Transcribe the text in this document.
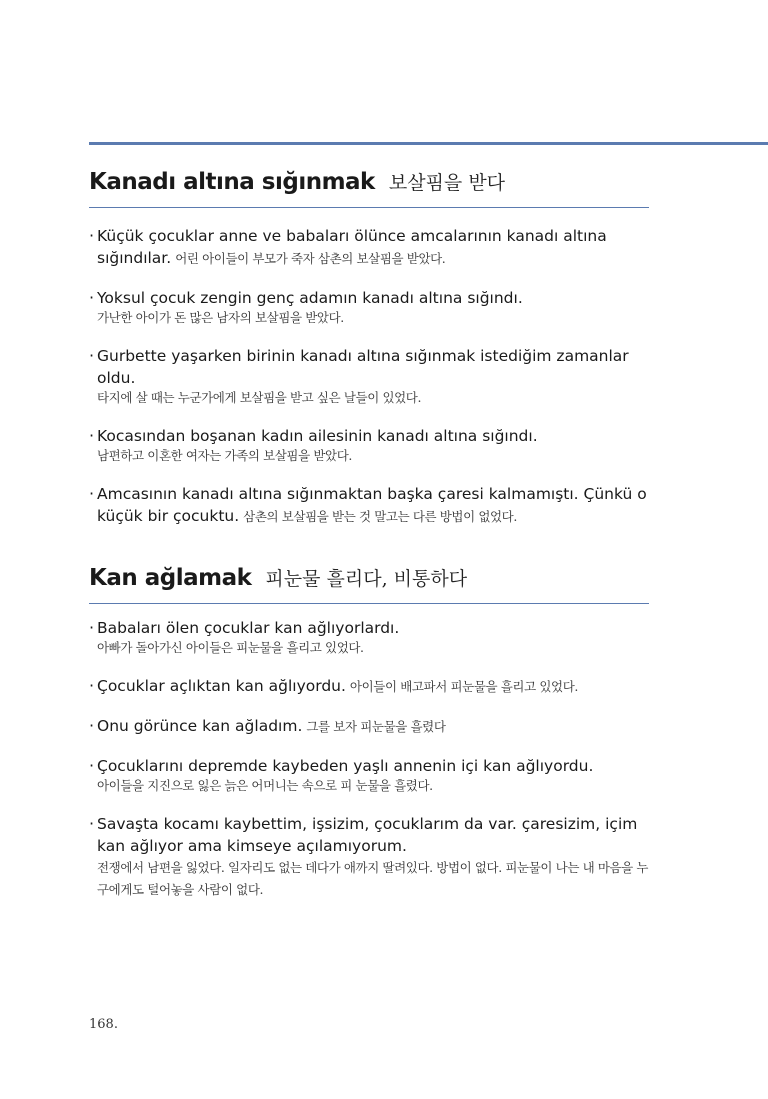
Kanadı altına sığınmak 보살핌을 받다
· Küçük çocuklar anne ve babaları ölünce amcalarının kanadı altına sığındılar. 어린 아이들이 부모가 죽자 삼촌의 보살핌을 받았다.
· Yoksul çocuk zengin genç adamın kanadı altına sığındı.
가난한 아이가 돈 많은 남자의 보살핌을 받았다.
· Gurbette yaşarken birinin kanadı altına sığınmak istediğim zamanlar oldu.
타지에 살 때는 누군가에게 보살핌을 받고 싶은 날들이 있었다.
· Kocasından boşanan kadın ailesinin kanadı altına sığındı.
남편하고 이혼한 여자는 가족의 보살핌을 받았다.
· Amcasının kanadı altına sığınmaktan başka çaresi kalmamıştı. Çünkü o küçük bir çocuktu. 삼촌의 보살핌을 받는 것 말고는 다른 방법이 없었다.
Kan ağlamak 피눈물 흘리다, 비통하다
· Babaları ölen çocuklar kan ağlıyorlardı.
아빠가 돌아가신 아이들은 피눈물을 흘리고 있었다.
· Çocuklar açlıktan kan ağlıyordu. 아이들이 배고파서 피눈물을 흘리고 있었다.
· Onu görünce kan ağladım. 그를 보자 피눈물을 흘렸다
· Çocuklarını depremde kaybeden yaşlı annenin içi kan ağlıyordu.
아이들을 지진으로 잃은 늙은 어머니는 속으로 피 눈물을 흘렸다.
· Savaşta kocamı kaybettim, işsizim, çocuklarım da var. çaresizim, içim kan ağlıyor ama kimseye açılamıyorum.
전쟁에서 남편을 잃었다. 일자리도 없는 데다가 애까지 딸려있다. 방법이 없다. 피눈물이 나는 내 마음을 누구에게도 털어놓을 사람이 없다.
168.
